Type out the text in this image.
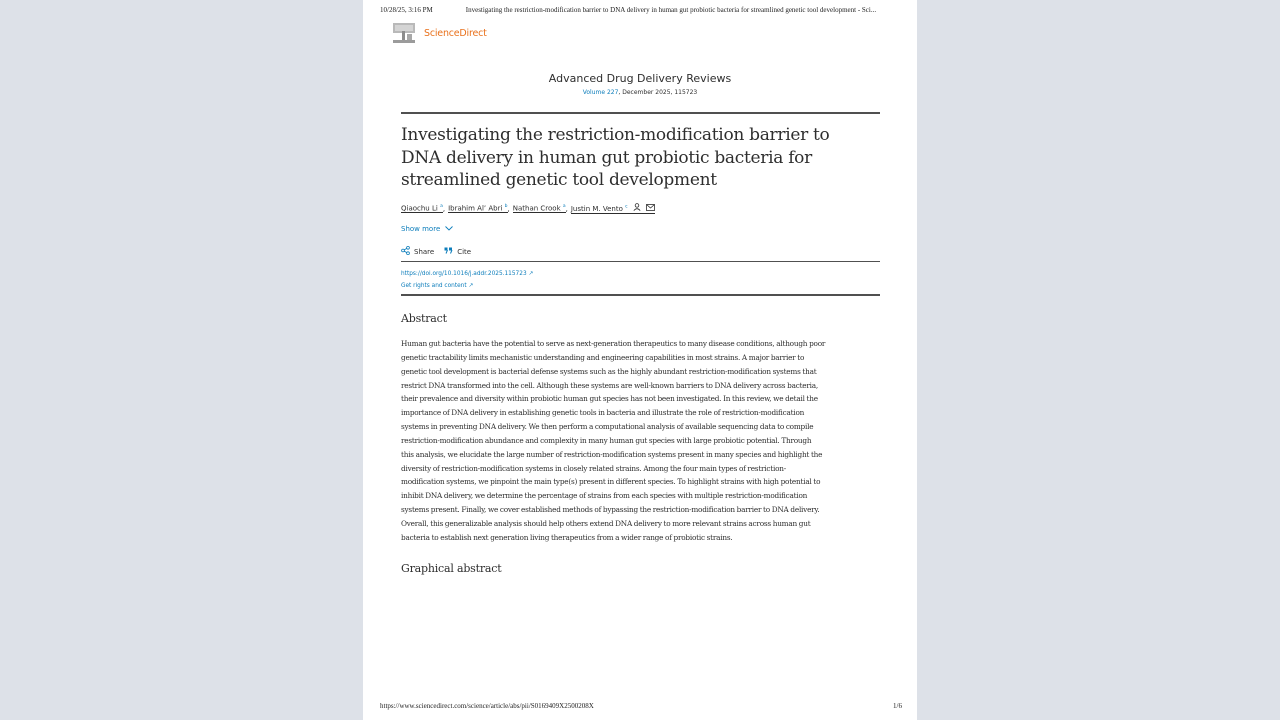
10/28/25, 3:16 PM	Investigating the restriction-modification barrier to DNA delivery in human gut probiotic bacteria for streamlined genetic tool development - Sci...
ScienceDirect
Advanced Drug Delivery Reviews
Volume 227, December 2025, 115723
Investigating the restriction-modification barrier to DNA delivery in human gut probiotic bacteria for streamlined genetic tool development
Qiaochu Li $^a$ , Ibrahim Al’ Abri $^b$ , Nathan Crook $^a$ , Justin M. Vento $^c$
Show more
Share	Cite
https://doi.org/10.1016/j.addr.2025.115723 ↗
Get rights and content ↗
Abstract
Human gut bacteria have the potential to serve as next-generation therapeutics to many disease conditions, although poor
genetic tractability limits mechanistic understanding and engineering capabilities in most strains. A major barrier to
genetic tool development is bacterial defense systems such as the highly abundant restriction-modification systems that
restrict DNA transformed into the cell. Although these systems are well-known barriers to DNA delivery across bacteria,
their prevalence and diversity within probiotic human gut species has not been investigated. In this review, we detail the
importance of DNA delivery in establishing genetic tools in bacteria and illustrate the role of restriction-modification
systems in preventing DNA delivery. We then perform a computational analysis of available sequencing data to compile
restriction-modification abundance and complexity in many human gut species with large probiotic potential. Through
this analysis, we elucidate the large number of restriction-modification systems present in many species and highlight the
diversity of restriction-modification systems in closely related strains. Among the four main types of restriction-
modification systems, we pinpoint the main type(s) present in different species. To highlight strains with high potential to
inhibit DNA delivery, we determine the percentage of strains from each species with multiple restriction-modification
systems present. Finally, we cover established methods of bypassing the restriction-modification barrier to DNA delivery.
Overall, this generalizable analysis should help others extend DNA delivery to more relevant strains across human gut
bacteria to establish next generation living therapeutics from a wider range of probiotic strains.
Graphical abstract
https://www.sciencedirect.com/science/article/abs/pii/S0169409X2500208X	1/6
